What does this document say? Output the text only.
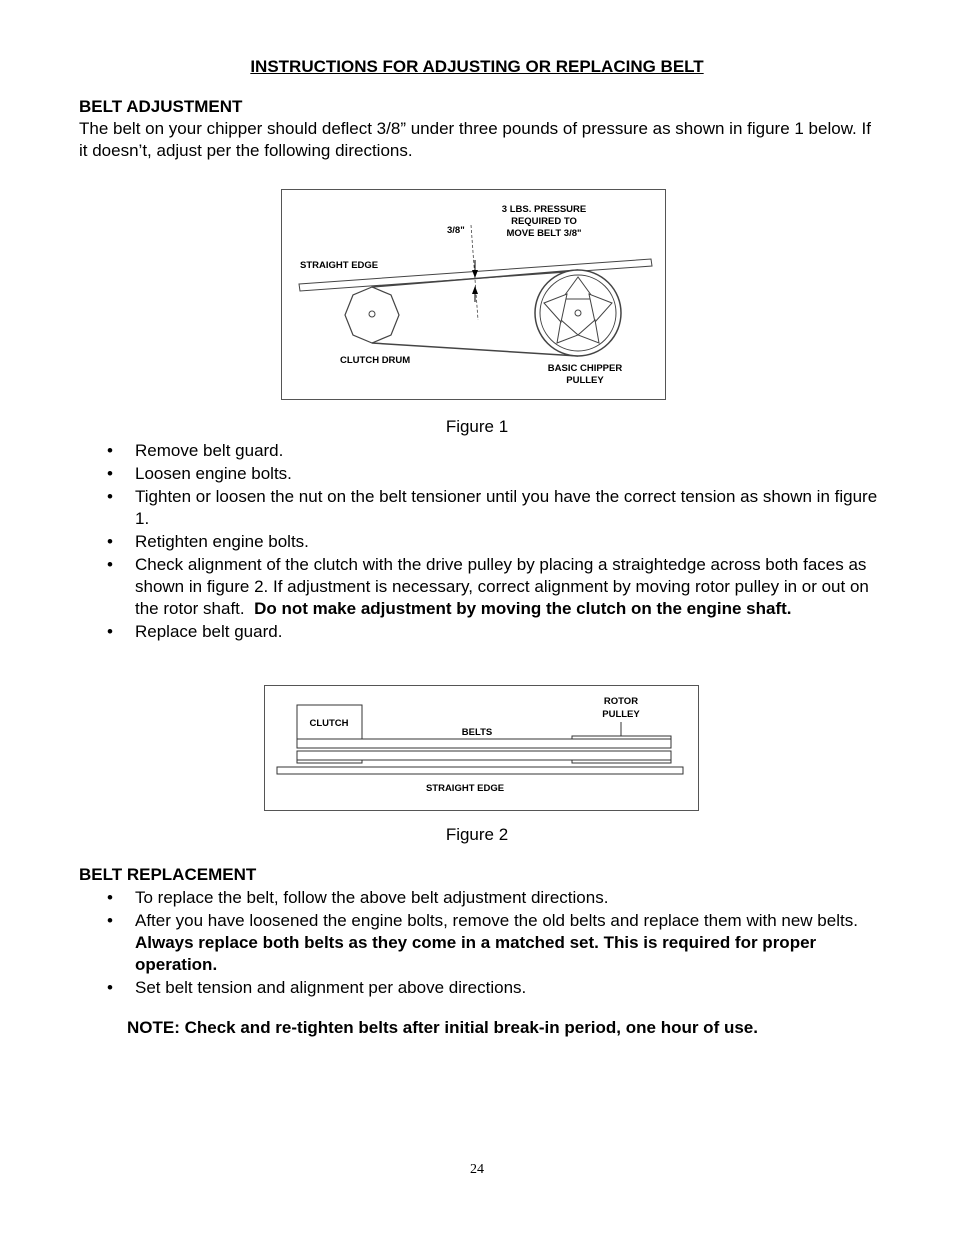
INSTRUCTIONS FOR ADJUSTING OR REPLACING BELT
BELT ADJUSTMENT
The belt on your chipper should deflect 3/8” under three pounds of pressure as shown in figure 1 below. If it doesn’t, adjust per the following directions.
3/8"
3 LBS. PRESSURE
REQUIRED TO
MOVE BELT 3/8"
STRAIGHT EDGE
CLUTCH DRUM
BASIC CHIPPER
PULLEY
Figure 1
• Remove belt guard.
• Loosen engine bolts.
• Tighten or loosen the nut on the belt tensioner until you have the correct tension as shown in figure 1.
• Retighten engine bolts.
• Check alignment of the clutch with the drive pulley by placing a straightedge across both faces as shown in figure 2. If adjustment is necessary, correct alignment by moving rotor pulley in or out on the rotor shaft. Do not make adjustment by moving the clutch on the engine shaft.
• Replace belt guard.
CLUTCH
ROTOR
PULLEY
BELTS
STRAIGHT EDGE
Figure 2
BELT REPLACEMENT
• To replace the belt, follow the above belt adjustment directions.
• After you have loosened the engine bolts, remove the old belts and replace them with new belts.  Always replace both belts as they come in a matched set. This is required for proper operation.
• Set belt tension and alignment per above directions.
NOTE: Check and re-tighten belts after initial break-in period, one hour of use.
24
